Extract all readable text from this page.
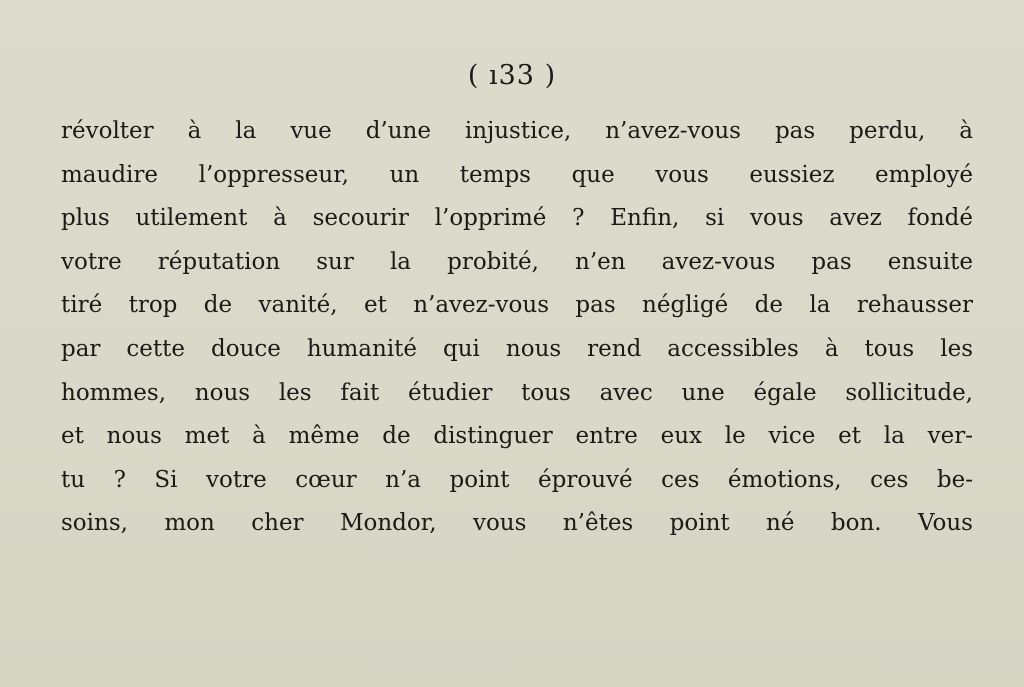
( ı33 )
révolter à la vue d’une injustice, n’avez-vous pas perdu, à
maudire l’oppresseur, un temps que vous eussiez employé
plus utilement à secourir l’opprimé ? Enfin, si vous avez fondé
votre réputation sur la probité, n’en avez-vous pas ensuite
tiré trop de vanité, et n’avez-vous pas négligé de la rehausser
par cette douce humanité qui nous rend accessibles à tous les
hommes, nous les fait étudier tous avec une égale sollicitude,
et nous met à même de distinguer entre eux le vice et la ver-
tu ? Si votre cœur n’a point éprouvé ces émotions, ces be-
soins, mon cher Mondor, vous n’êtes point né bon. Vous
